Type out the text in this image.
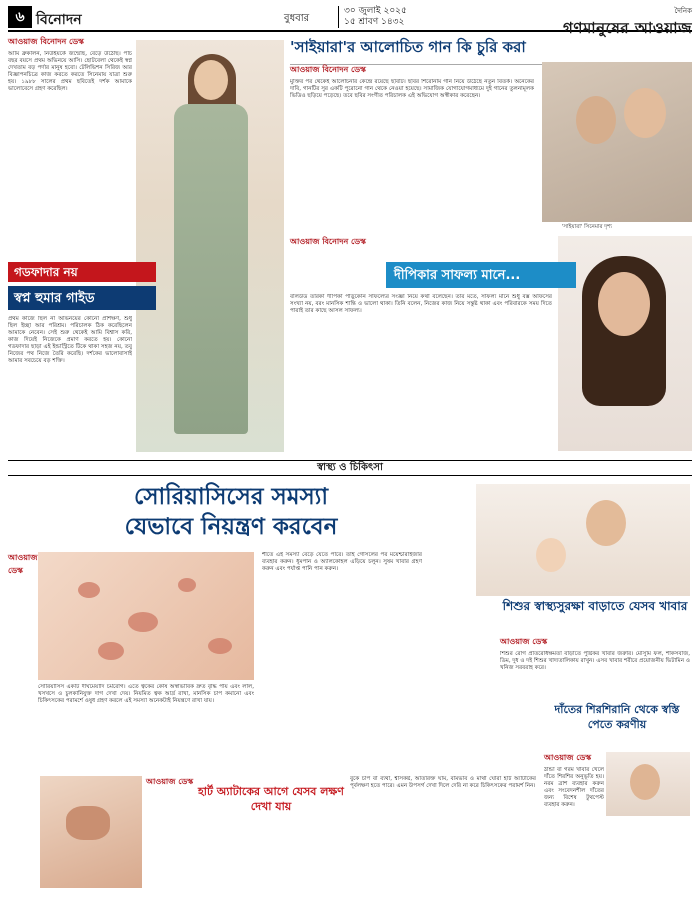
৬ বিনোদন	বুধবার
৩০ জুলাই ২০২৫
১৫ শ্রাবণ ১৪৩২
দৈনিক
গণমানুষের আওয়াজ
আওয়াজ বিনোদন ডেস্ক

আমি ব্রুকলিন, নিউইয়র্কে জন্মেছি, বেড়ে উঠেছি। পাঁচ বছর বয়সে প্রথম অভিনয়ে আসি। ছোটবেলা থেকেই স্বপ্ন দেখতাম বড় পর্দার মানুষ হবো। টেলিভিশন সিরিজ আর বিজ্ঞাপনচিত্রে কাজ করতে করতে সিনেমায় যাত্রা শুরু হয়। ১৯৮৮ সালের প্রথম ছবিতেই দর্শক আমাকে ভালোবেসে গ্রহণ করেছিল।

গডফাদার নয়
স্বপ্ন হুমার গাইড

প্রথম কাজে ছিল না অভিনয়ের কোনো প্রশিক্ষণ, শুধু ছিল ইচ্ছা আর পরিশ্রম। পরিচালক ঠিক করেছিলেন আমাকে নেবেন। সেই শুরু থেকেই আমি বিশ্বাস করি, কাজ দিয়েই নিজেকে প্রমাণ করতে হয়। কোনো গডফাদার ছাড়া এই ইন্ডাস্ট্রিতে টিকে থাকা সহজ নয়, তবু নিজের পথ নিজে তৈরি করেছি। দর্শকের ভালোবাসাই আমার সবচেয়ে বড় শক্তি।

'সাইয়ারা'র আলোচিত গান কি চুরি করা
আওয়াজ বিনোদন ডেস্ক

মুক্তির পর থেকেই আলোচনার কেন্দ্রে রয়েছে ছবিটি। ছবির শিরোনাম গান নিয়ে উঠেছে নতুন বিতর্ক। অনেকের দাবি, গানটির সুর একটি পুরোনো গান থেকে নেওয়া হয়েছে। সামাজিক যোগাযোগমাধ্যমে দুই গানের তুলনামূলক ভিডিও ছড়িয়ে পড়েছে। তবে ছবির সংগীত পরিচালক এই অভিযোগ অস্বীকার করেছেন।

'সাইয়ারা' সিনেমার দৃশ্য
আওয়াজ বিনোদন ডেস্ক
দীপিকার সাফল্য মানে...

বলিউড তারকা দীপিকা পাড়ুকোন সাফল্যের সংজ্ঞা নিয়ে কথা বলেছেন। তার মতে, সাফল্য মানে শুধু বক্স অফিসের সংখ্যা নয়, বরং মানসিক শান্তি ও ভালো থাকা। তিনি বলেন, নিজের কাজ নিয়ে সন্তুষ্ট থাকা এবং পরিবারকে সময় দিতে পারাই তার কাছে আসল সাফল্য।

স্বাস্থ্য ও চিকিৎসা
সোরিয়াসিসের সমস্যা
যেভাবে নিয়ন্ত্রণ করবেন
আওয়াজ ডেস্ক

সোরিয়াসিস একটি দীর্ঘমেয়াদি চর্মরোগ। এতে ত্বকের কোষ অস্বাভাবিক দ্রুত বৃদ্ধি পায় এবং লাল, খসখসে ও চুলকানিযুক্ত দাগ দেখা দেয়। নিয়মিত ত্বক আর্দ্র রাখা, মানসিক চাপ কমানো এবং চিকিৎসকের পরামর্শে ওষুধ গ্রহণ করলে এই সমস্যা অনেকটাই নিয়ন্ত্রণে রাখা যায়।

শীতে এই সমস্যা বেড়ে যেতে পারে। তাই গোসলের পর ময়েশ্চারাইজার ব্যবহার করুন। ধূমপান ও অ্যালকোহল এড়িয়ে চলুন। সুষম খাবার গ্রহণ করুন এবং পর্যাপ্ত পানি পান করুন।

শিশুর স্বাস্থ্যসুরক্ষা বাড়াতে যেসব খাবার
আওয়াজ ডেস্ক

শিশুর রোগ প্রতিরোধক্ষমতা বাড়াতে পুষ্টিকর খাবার জরুরি। মৌসুমি ফল, শাকসবজি, ডিম, দুধ ও দই শিশুর খাদ্যতালিকায় রাখুন। এসব খাবার শরীরে প্রয়োজনীয় ভিটামিন ও খনিজ সরবরাহ করে।

দাঁতের শিরশিরানি থেকে স্বস্তি পেতে করণীয়
আওয়াজ ডেস্ক

ঠান্ডা বা গরম খাবার খেলে দাঁতে শিরশির অনুভূতি হয়। নরম ব্রাশ ব্যবহার করুন এবং সংবেদনশীল দাঁতের জন্য বিশেষ টুথপেস্ট ব্যবহার করুন।

হার্ট অ্যাটাকের আগে যেসব লক্ষণ দেখা যায়
আওয়াজ ডেস্ক	বুকে চাপ বা ব্যথা, শ্বাসকষ্ট, অতিরিক্ত ঘাম, বমিভাব ও মাথা ঘোরা হার্ট অ্যাটাকের পূর্বলক্ষণ হতে পারে। এমন উপসর্গ দেখা দিলে দেরি না করে চিকিৎসকের পরামর্শ নিন।
